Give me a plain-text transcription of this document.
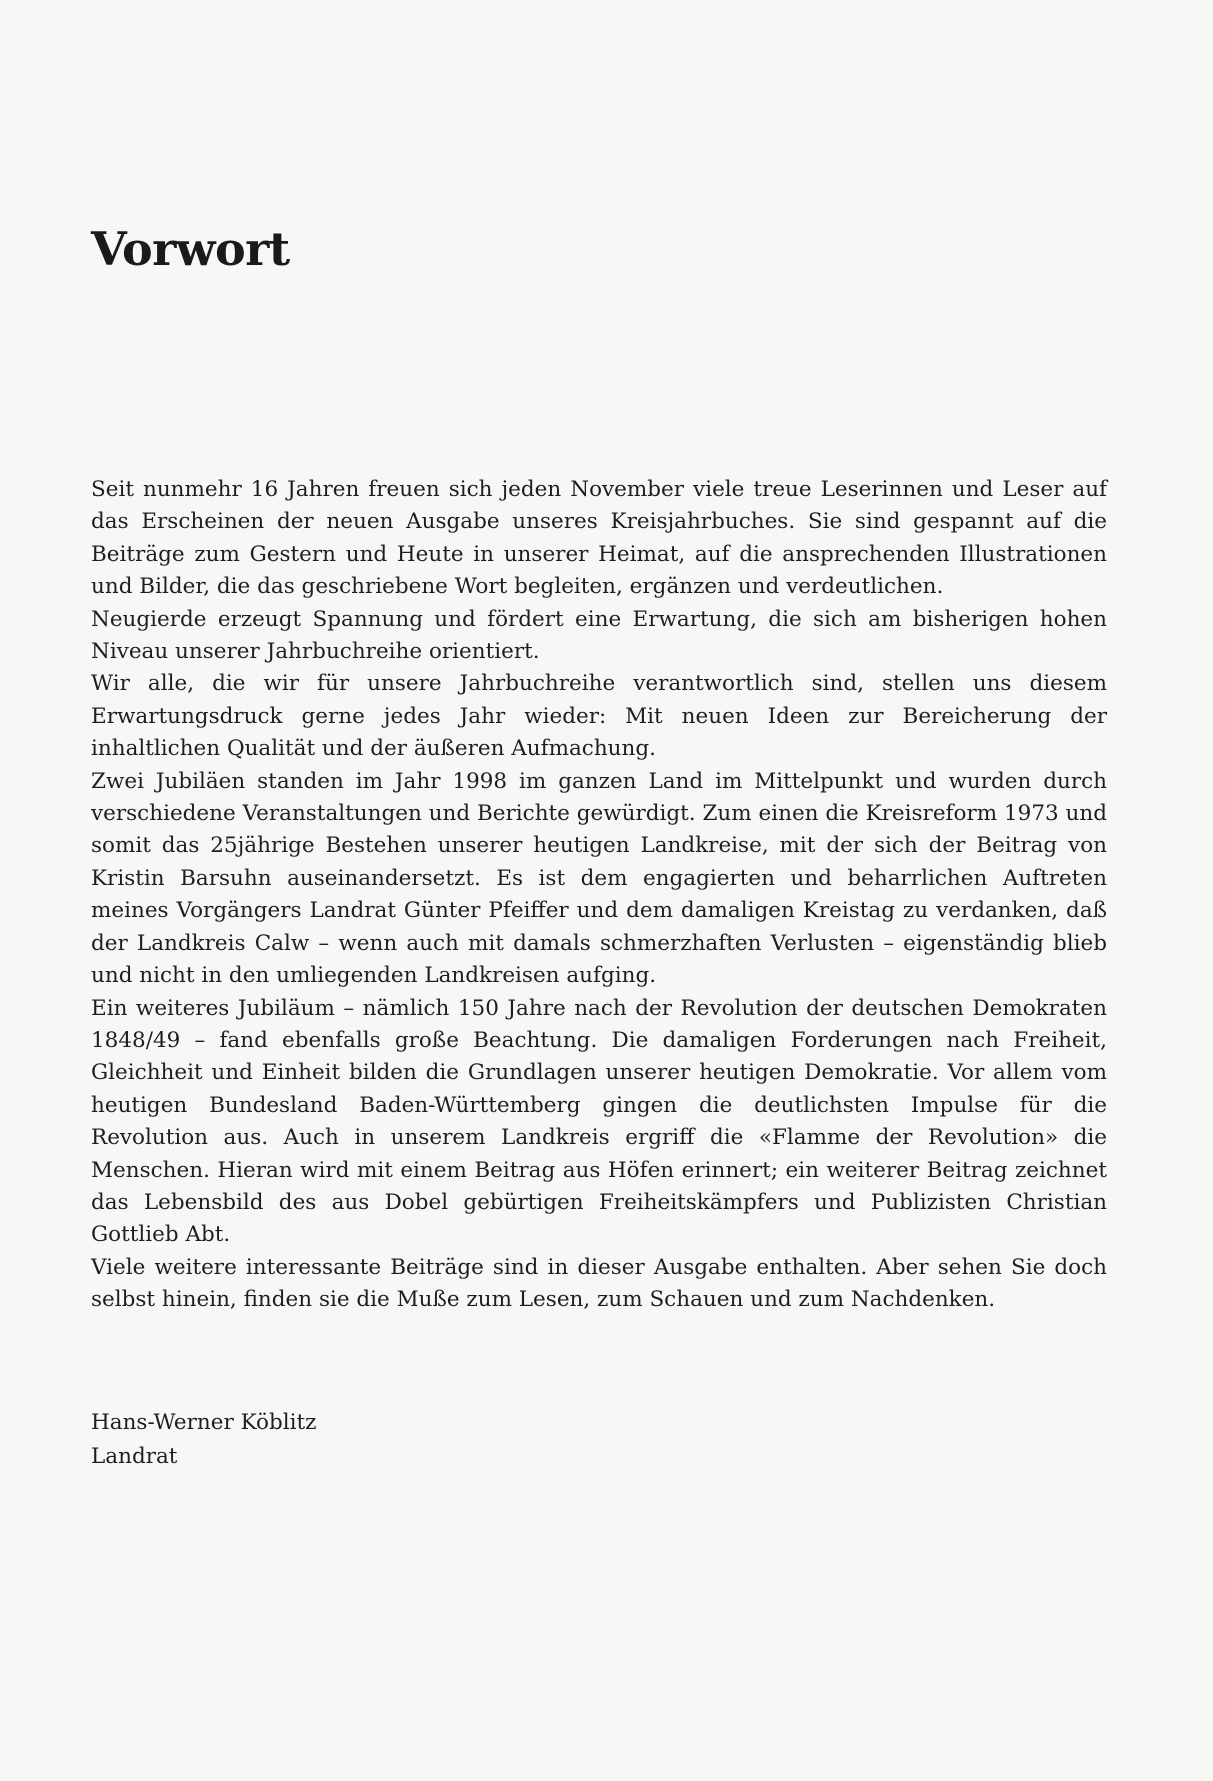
Vorwort

Seit nunmehr 16 Jahren freuen sich jeden November viele treue Leserinnen und Leser auf das Erscheinen der neuen Ausgabe unseres Kreisjahrbuches. Sie sind gespannt auf die Beiträge zum Gestern und Heute in unserer Heimat, auf die ansprechenden Illustrationen und Bilder, die das geschriebene Wort begleiten, ergänzen und verdeutlichen.

Neugierde erzeugt Spannung und fördert eine Erwartung, die sich am bisherigen hohen Niveau unserer Jahrbuchreihe orientiert.

Wir alle, die wir für unsere Jahrbuchreihe verantwortlich sind, stellen uns diesem Erwartungsdruck gerne jedes Jahr wieder: Mit neuen Ideen zur Bereicherung der inhaltlichen Qualität und der äußeren Aufmachung.

Zwei Jubiläen standen im Jahr 1998 im ganzen Land im Mittelpunkt und wurden durch verschiedene Veranstaltungen und Berichte gewürdigt. Zum einen die Kreisreform 1973 und somit das 25jährige Bestehen unserer heutigen Landkreise, mit der sich der Beitrag von Kristin Barsuhn auseinandersetzt. Es ist dem engagierten und beharrlichen Auftreten meines Vorgängers Landrat Günter Pfeiffer und dem damaligen Kreistag zu verdanken, daß der Landkreis Calw – wenn auch mit damals schmerzhaften Verlusten – eigenständig blieb und nicht in den umliegenden Landkreisen aufging.

Ein weiteres Jubiläum – nämlich 150 Jahre nach der Revolution der deutschen Demokraten 1848/49 – fand ebenfalls große Beachtung. Die damaligen Forderungen nach Freiheit, Gleichheit und Einheit bilden die Grundlagen unserer heutigen Demokratie. Vor allem vom heutigen Bundesland Baden-Württemberg gingen die deutlichsten Impulse für die Revolution aus. Auch in unserem Landkreis ergriff die «Flamme der Revolution» die Menschen. Hieran wird mit einem Beitrag aus Höfen erinnert; ein weiterer Beitrag zeichnet das Lebensbild des aus Dobel gebürtigen Freiheitskämpfers und Publizisten Christian Gottlieb Abt.

Viele weitere interessante Beiträge sind in dieser Ausgabe enthalten. Aber sehen Sie doch selbst hinein, finden sie die Muße zum Lesen, zum Schauen und zum Nachdenken.

Hans-Werner Köblitz
Landrat
